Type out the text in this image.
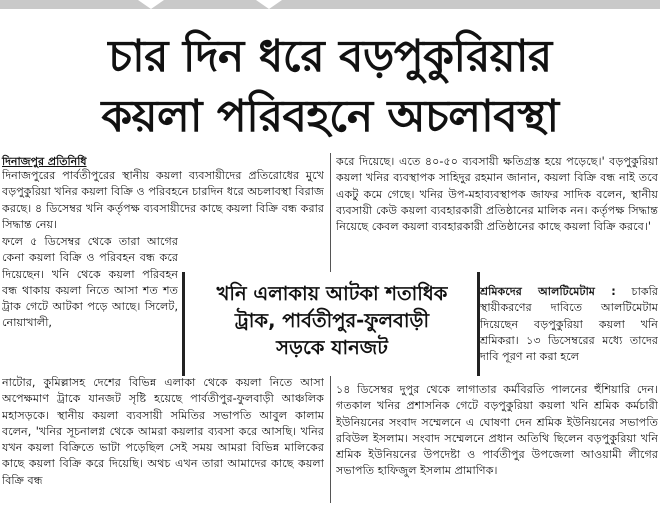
চার দিন ধরে বড়পুকুরিয়ার
কয়লা পরিবহনে অচলাবস্থা
দিনাজপুর প্রতিনিধি

দিনাজপুরের পার্বতীপুরের স্থানীয় কয়লা ব্যবসায়ীদের প্রতিরোধের মুখে বড়পুকুরিয়া খনির কয়লা বিক্রি ও পরিবহনে চারদিন ধরে অচলাবস্থা বিরাজ করছে। ৪ ডিসেম্বর খনি কর্তৃপক্ষ ব্যবসায়ীদের কাছে কয়লা বিক্রি বন্ধ করার সিদ্ধান্ত নেয়।

ফলে ৫ ডিসেম্বর থেকে তারা আগের কেনা কয়লা বিক্রি ও পরিবহন বন্ধ করে দিয়েছেন। খনি থেকে কয়লা পরিবহন বন্ধ থাকায় কয়লা নিতে আসা শত শত ট্রাক গেটে আটকা পড়ে আছে। সিলেট, নোয়াখালী,

নাটোর, কুমিল্লাসহ দেশের বিভিন্ন এলাকা থেকে কয়লা নিতে আসা অপেক্ষমাণ ট্রাকে যানজট সৃষ্টি হয়েছে পার্বতীপুর-ফুলবাড়ী আঞ্চলিক মহাসড়কে। স্থানীয় কয়লা ব্যবসায়ী সমিতির সভাপতি আবুল কালাম বলেন, 'খনির সূচনালগ্ন থেকে আমরা কয়লার ব্যবসা করে আসছি। খনির যখন কয়লা বিক্রিতে ভাটা পড়েছিল সেই সময় আমরা বিভিন্ন মালিকের কাছে কয়লা বিক্রি করে দিয়েছি। অথচ এখন তারা আমাদের কাছে কয়লা বিক্রি বন্ধ

করে দিয়েছে। এতে ৪০-৫০ ব্যবসায়ী ক্ষতিগ্রস্ত হয়ে পড়েছে।' বড়পুকুরিয়া কয়লা খনির ব্যবস্থাপক সাহিদুর রহমান জানান, কয়লা বিক্রি বন্ধ নাই তবে একটু কমে গেছে। খনির উপ-মহাব্যবস্থাপক জাফর সাদিক বলেন, স্থানীয় ব্যবসায়ী কেউ কয়লা ব্যবহারকারী প্রতিষ্ঠানের মালিক নন। কর্তৃপক্ষ সিদ্ধান্ত নিয়েছে কেবল কয়লা ব্যবহারকারী প্রতিষ্ঠানের কাছে কয়লা বিক্রি করবে।'

শ্রমিকদের আলটিমেটাম : চাকরি স্থায়ীকরণের দাবিতে আলটিমেটাম দিয়েছেন বড়পুকুরিয়া কয়লা খনি শ্রমিকরা। ১৩ ডিসেম্বরের মধ্যে তাদের দাবি পূরণ না করা হলে

১৪ ডিসেম্বর দুপুর থেকে লাগাতার কর্মবিরতি পালনের হুঁশিয়ারি দেন। গতকাল খনির প্রশাসনিক গেটে বড়পুকুরিয়া কয়লা খনি শ্রমিক কর্মচারী ইউনিয়নের সংবাদ সম্মেলনে এ ঘোষণা দেন শ্রমিক ইউনিয়নের সভাপতি রবিউল ইসলাম। সংবাদ সম্মেলনে প্রধান অতিথি ছিলেন বড়পুকুরিয়া খনি শ্রমিক ইউনিয়নের উপদেষ্টা ও পার্বতীপুর উপজেলা আওয়ামী লীগের সভাপতি হাফিজুল ইসলাম প্রামাণিক।

খনি এলাকায় আটকা শতাধিক
ট্রাক, পার্বতীপুর-ফুলবাড়ী
সড়কে যানজট
